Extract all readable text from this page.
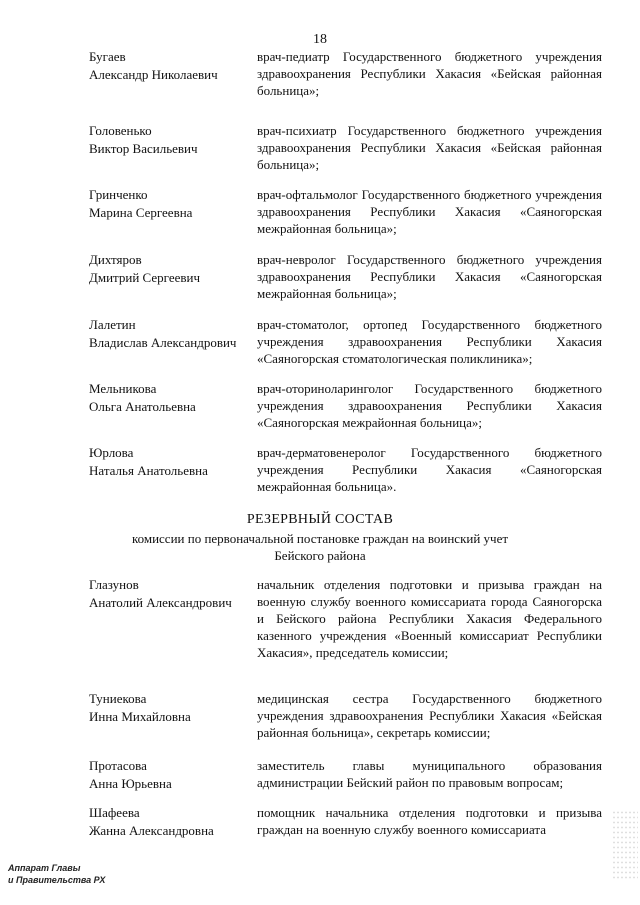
18
Бугаев
Александр Николаевич
врач-педиатр Государственного бюджетного учреждения здравоохранения Республики Хакасия «Бейская районная больница»;
Головенько
Виктор Васильевич
врач-психиатр Государственного бюджетного учреждения здравоохранения Республики Хакасия «Бейская районная больница»;
Гринченко
Марина Сергеевна
врач-офтальмолог Государственного бюджетного учреждения здравоохранения Республики Хакасия «Саяногорская межрайонная больница»;
Дихтяров
Дмитрий Сергеевич
врач-невролог Государственного бюджетного учреждения здравоохранения Республики Хакасия «Саяногорская межрайонная больница»;
Лалетин
Владислав Александрович
врач-стоматолог, ортопед Государственного бюджетного учреждения здравоохранения Республики Хакасия «Саяногорская стоматологическая поликлиника»;
Мельникова
Ольга Анатольевна
врач-оториноларинголог Государственного бюджетного учреждения здравоохранения Республики Хакасия «Саяногорская межрайонная больница»;
Юрлова
Наталья Анатольевна
врач-дерматовенеролог Государственного бюджетного учреждения Республики Хакасия «Саяногорская межрайонная больница».
РЕЗЕРВНЫЙ СОСТАВ
комиссии по первоначальной постановке граждан на воинский учет
Бейского района
Глазунов
Анатолий Александрович
начальник отделения подготовки и призыва граждан на военную службу военного комиссариата города Саяногорска и Бейского района Республики Хакасия Федерального казенного учреждения «Военный комиссариат Республики Хакасия», председатель комиссии;
Туниекова
Инна Михайловна
медицинская сестра Государственного бюджетного учреждения здравоохранения Республики Хакасия «Бейская районная больница», секретарь комиссии;
Протасова
Анна Юрьевна
заместитель главы муниципального образования администрации Бейский район по правовым вопросам;
Шафеева
Жанна Александровна
помощник начальника отделения подготовки и призыва граждан на военную службу военного комиссариата
Аппарат Главы
и Правительства РХ
